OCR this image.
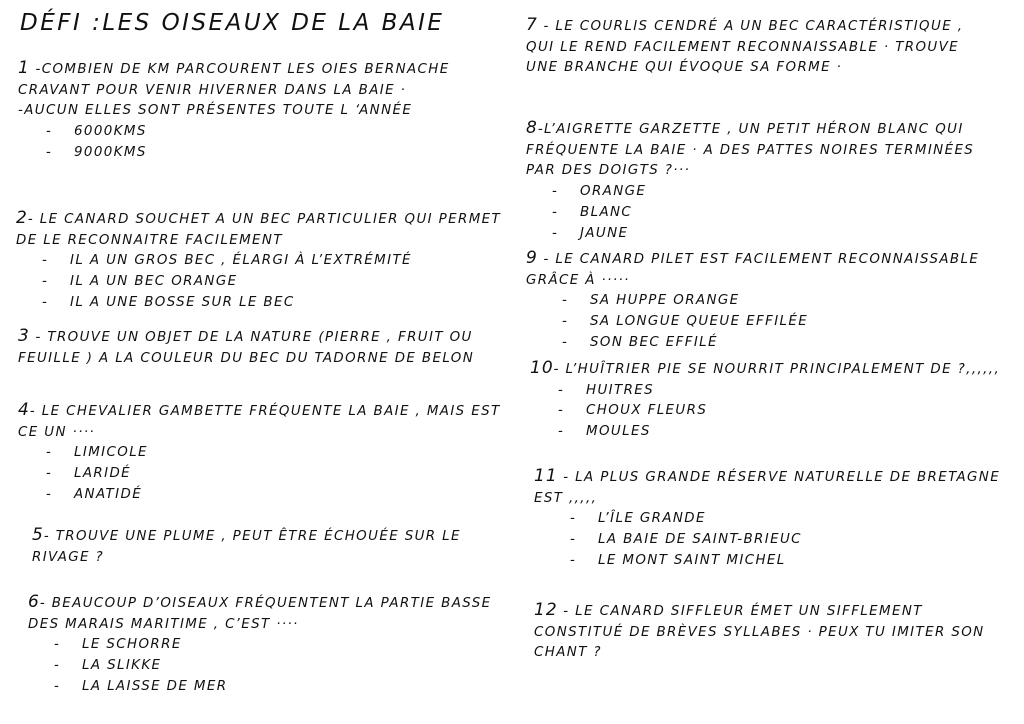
DÉFI :LES OISEAUX DE LA BAIE
1 -COMBIEN DE KM PARCOURENT LES OIES BERNACHE CRAVANT POUR VENIR HIVERNER DANS LA BAIE ·
-AUCUN ELLES SONT PRÉSENTES TOUTE L ‘ANNÉE
- 6000KMS
- 9000KMS
2- LE CANARD SOUCHET A UN BEC PARTICULIER QUI PERMET DE LE RECONNAITRE FACILEMENT
- IL A UN GROS BEC , ÉLARGI À L’EXTRÉMITÉ
- IL A UN BEC ORANGE
- IL A UNE BOSSE SUR LE BEC
3 - TROUVE UN OBJET DE LA NATURE (PIERRE , FRUIT OU FEUILLE ) A LA COULEUR DU BEC DU TADORNE DE BELON
4- LE CHEVALIER GAMBETTE FRÉQUENTE LA BAIE , MAIS EST CE UN ····
- LIMICOLE
- LARIDÉ
- ANATIDÉ
5- TROUVE UNE PLUME , PEUT ÊTRE ÉCHOUÉE SUR LE RIVAGE ?
6- BEAUCOUP D’OISEAUX FRÉQUENTENT LA PARTIE BASSE DES MARAIS MARITIME , C’EST ····
- LE SCHORRE
- LA SLIKKE
- LA LAISSE DE MER
7 - LE COURLIS CENDRÉ A UN BEC CARACTÉRISTIQUE , QUI LE REND FACILEMENT RECONNAISSABLE · TROUVE UNE BRANCHE QUI ÉVOQUE SA FORME ·
8-L’AIGRETTE GARZETTE , UN PETIT HÉRON BLANC QUI FRÉQUENTE LA BAIE · A DES PATTES NOIRES TERMINÉES PAR DES DOIGTS ?···
- ORANGE
- BLANC
- JAUNE
9 - LE CANARD PILET EST FACILEMENT RECONNAISSABLE GRÂCE À ·····
- SA HUPPE ORANGE
- SA LONGUE QUEUE EFFILÉE
- SON BEC EFFILÉ
10- L’HUÎTRIER PIE SE NOURRIT PRINCIPALEMENT DE ?,,,,,,
- HUITRES
- CHOUX FLEURS
- MOULES
11 - LA PLUS GRANDE RÉSERVE NATURELLE DE BRETAGNE EST ,,,,,
- L’ÎLE GRANDE
- LA BAIE DE SAINT-BRIEUC
- LE MONT SAINT MICHEL
12 - LE CANARD SIFFLEUR ÉMET UN SIFFLEMENT CONSTITUÉ DE BRÈVES SYLLABES · PEUX TU IMITER SON CHANT ?
